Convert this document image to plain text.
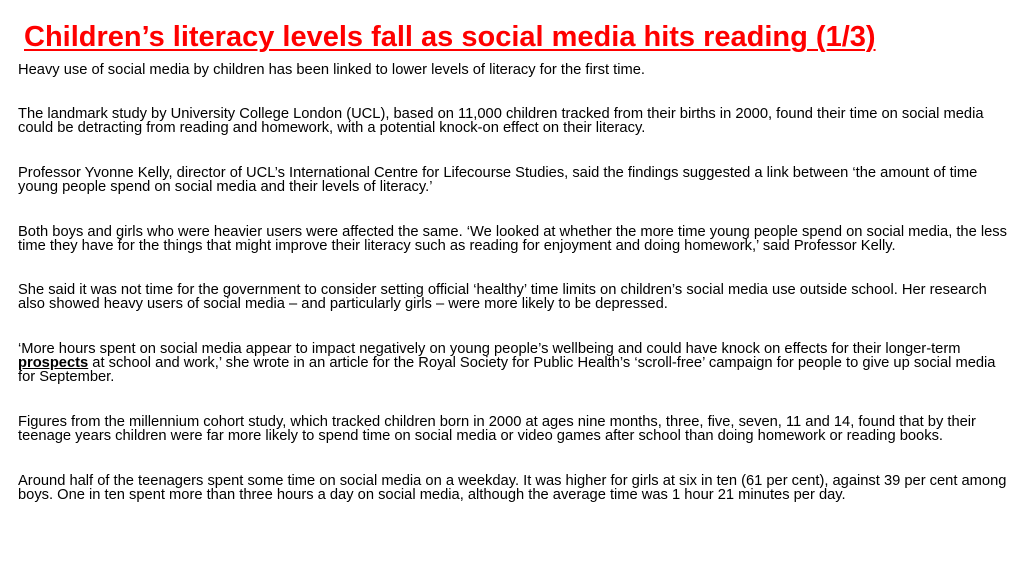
Children’s literacy levels fall as social media hits reading (1/3)

Heavy use of social media by children has been linked to lower levels of literacy for the first time.

The landmark study by University College London (UCL), based on 11,000 children tracked from their births in 2000, found their time on social media could be detracting from reading and homework, with a potential knock-on effect on their literacy.

Professor Yvonne Kelly, director of UCL’s International Centre for Lifecourse Studies, said the findings suggested a link between ‘the amount of time young people spend on social media and their levels of literacy.’

Both boys and girls who were heavier users were affected the same. ‘We looked at whether the more time young people spend on social media, the less time they have for the things that might improve their literacy such as reading for enjoyment and doing homework,’ said Professor Kelly.

She said it was not time for the government to consider setting official ‘healthy’ time limits on children’s social media use outside school. Her research also showed heavy users of social media – and particularly girls – were more likely to be depressed.

‘More hours spent on social media appear to impact negatively on young people’s wellbeing and could have knock on effects for their longer-term prospects at school and work,’ she wrote in an article for the Royal Society for Public Health’s ‘scroll-free’ campaign for people to give up social media for September.

Figures from the millennium cohort study, which tracked children born in 2000 at ages nine months, three, five, seven, 11 and 14, found that by their teenage years children were far more likely to spend time on social media or video games after school than doing homework or reading books.

Around half of the teenagers spent some time on social media on a weekday. It was higher for girls at six in ten (61 per cent), against 39 per cent among boys. One in ten spent more than three hours a day on social media, although the average time was 1 hour 21 minutes per day.
